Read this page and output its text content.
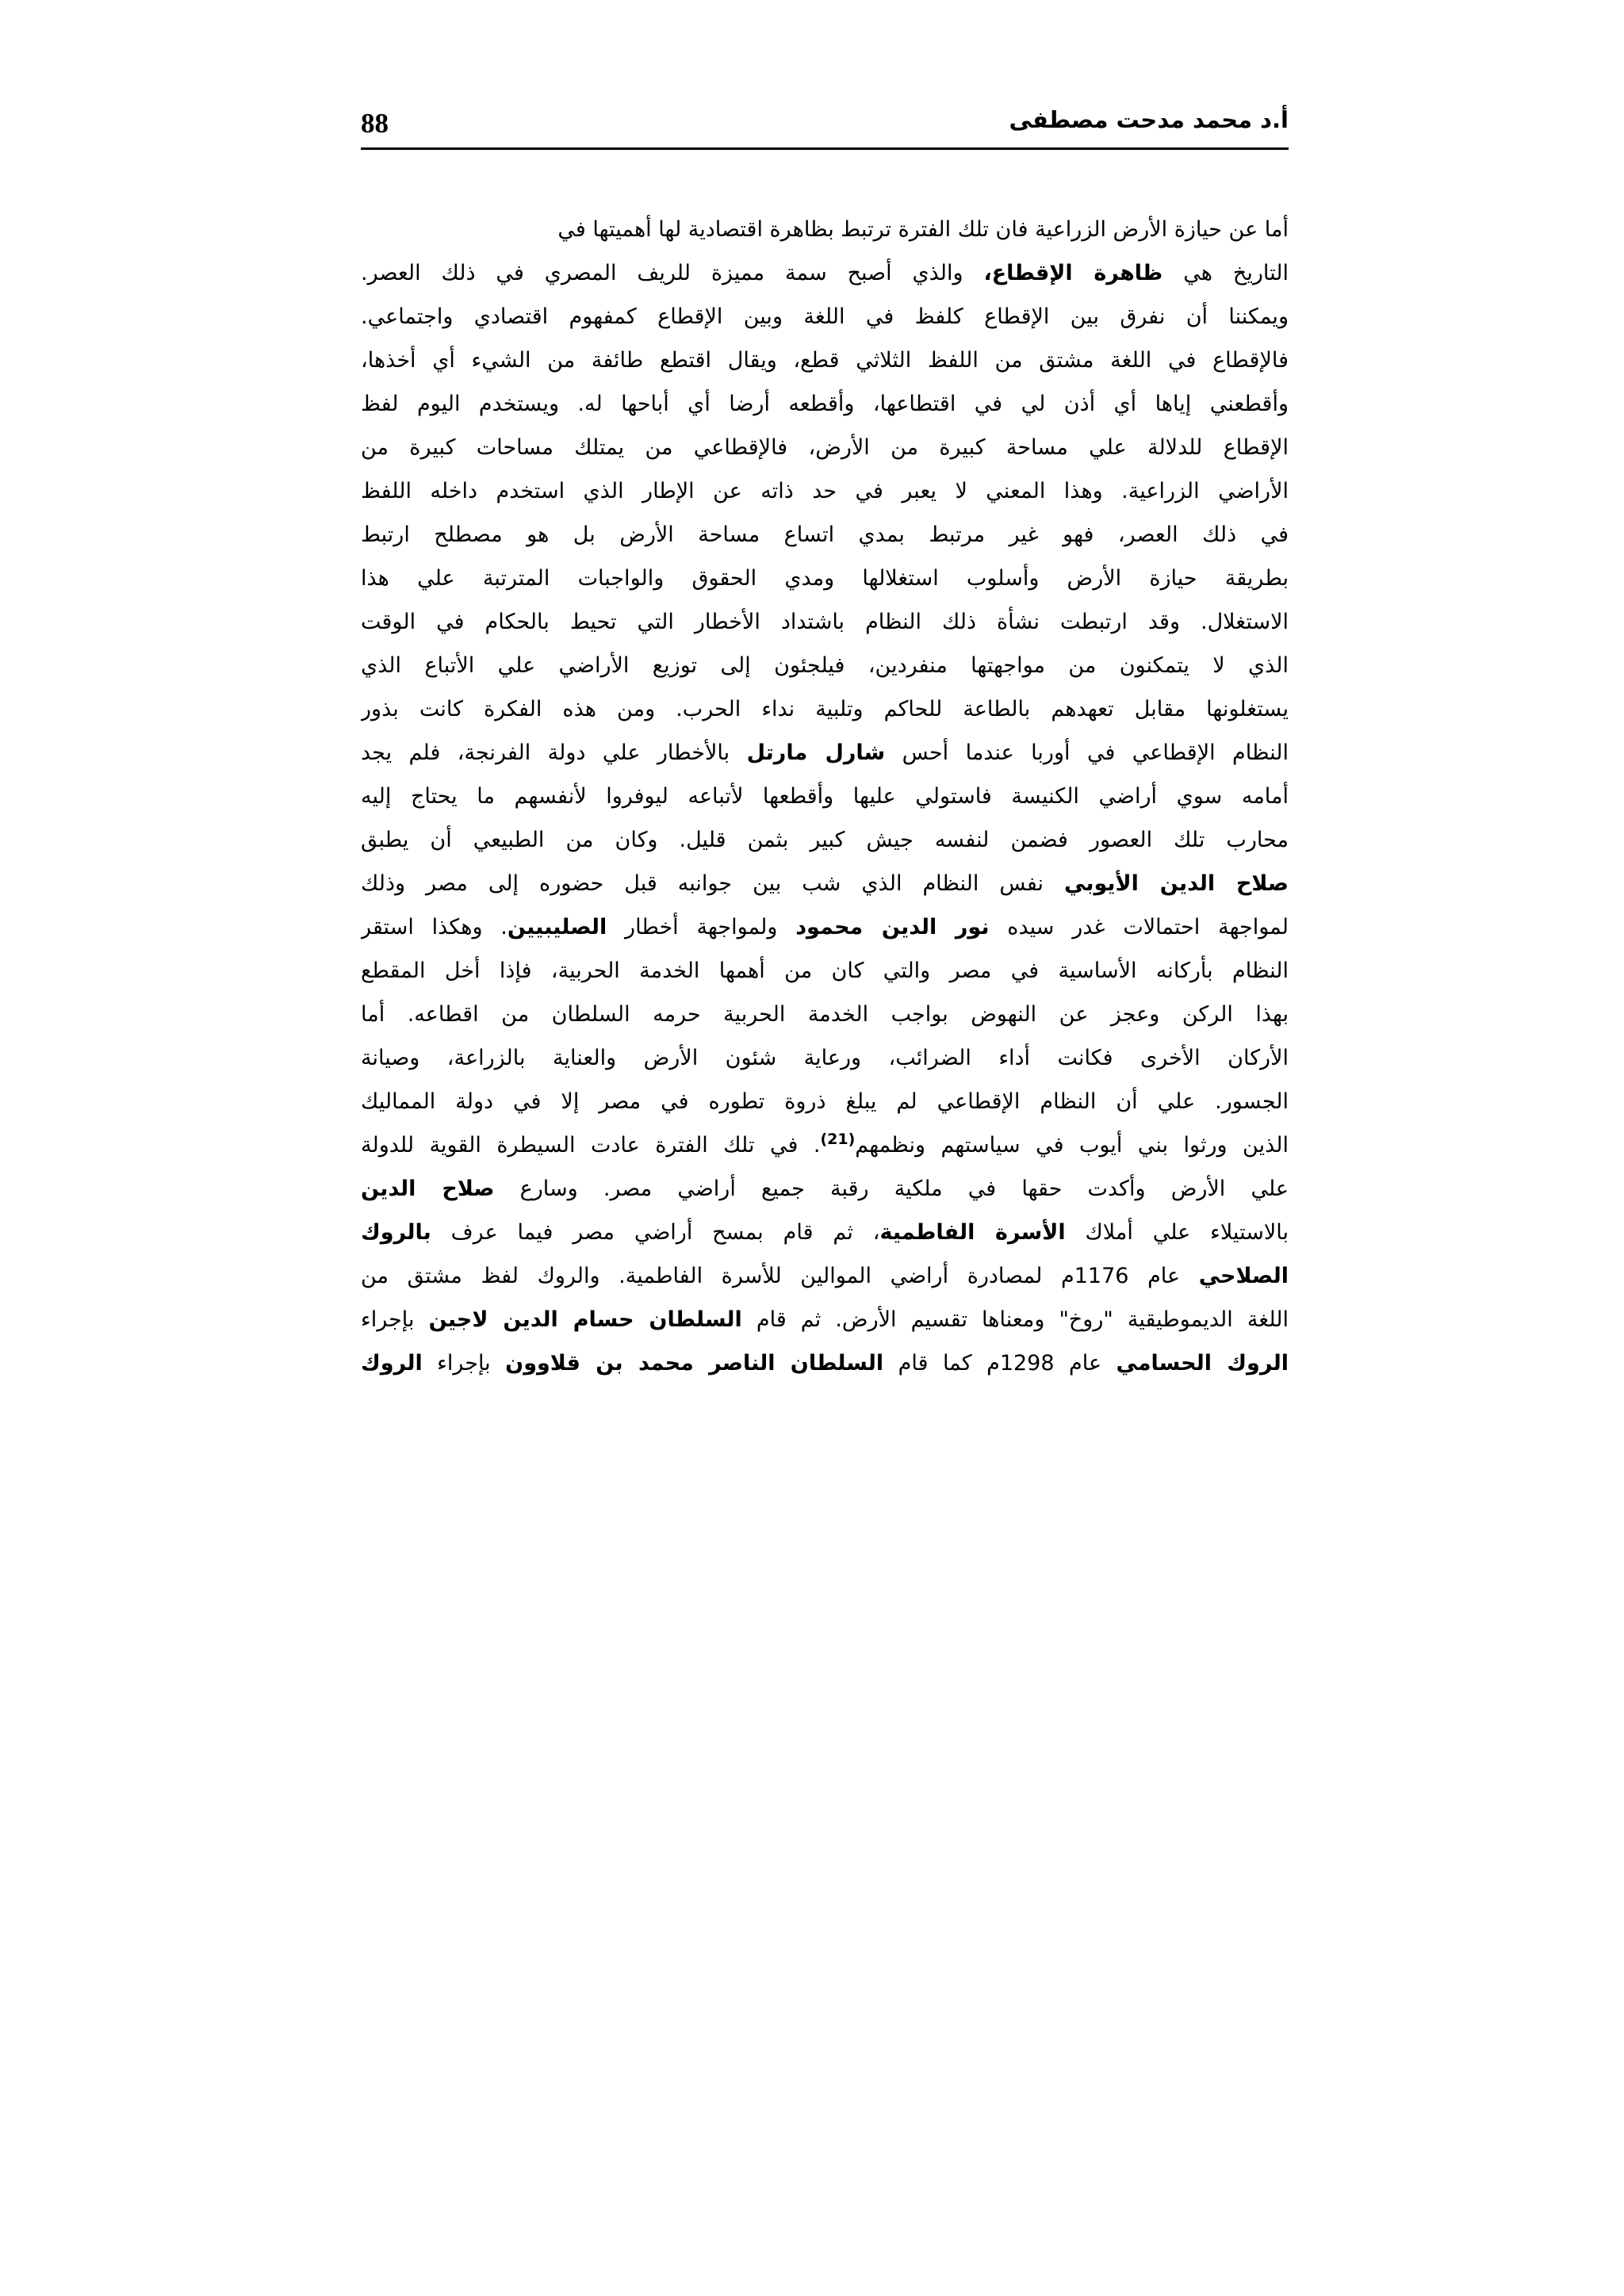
88	أ.د محمد مدحت مصطفى
أما عن حيازة الأرض الزراعية فان تلك الفترة ترتبط بظاهرة اقتصادية لها أهميتها في
التاريخ هي ظاهرة الإقطاع، والذي أصبح سمة مميزة للريف المصري في ذلك العصر.
ويمكننا أن نفرق بين الإقطاع كلفظ في اللغة وبين الإقطاع كمفهوم اقتصادي واجتماعي.
فالإقطاع في اللغة مشتق من اللفظ الثلاثي قطع، ويقال اقتطع طائفة من الشيء أي أخذها،
وأقطعني إياها أي أذن لي في اقتطاعها، وأقطعه أرضا أي أباحها له. ويستخدم اليوم لفظ
الإقطاع للدلالة علي مساحة كبيرة من الأرض، فالإقطاعي من يمتلك مساحات كبيرة من
الأراضي الزراعية. وهذا المعني لا يعبر في حد ذاته عن الإطار الذي استخدم داخله اللفظ
في ذلك العصر، فهو غير مرتبط بمدي اتساع مساحة الأرض بل هو مصطلح ارتبط
بطريقة حيازة الأرض وأسلوب استغلالها ومدي الحقوق والواجبات المترتبة علي هذا
الاستغلال. وقد ارتبطت نشأة ذلك النظام باشتداد الأخطار التي تحيط بالحكام في الوقت
الذي لا يتمكنون من مواجهتها منفردين، فيلجئون إلى توزيع الأراضي علي الأتباع الذي
يستغلونها مقابل تعهدهم بالطاعة للحاكم وتلبية نداء الحرب. ومن هذه الفكرة كانت بذور
النظام الإقطاعي في أوربا عندما أحس شارل مارتل بالأخطار علي دولة الفرنجة، فلم يجد
أمامه سوي أراضي الكنيسة فاستولي عليها وأقطعها لأتباعه ليوفروا لأنفسهم ما يحتاج إليه
محارب تلك العصور فضمن لنفسه جيش كبير بثمن قليل. وكان من الطبيعي أن يطبق
صلاح الدين الأيوبي نفس النظام الذي شب بين جوانبه قبل حضوره إلى مصر وذلك
لمواجهة احتمالات غدر سيده نور الدين محمود ولمواجهة أخطار الصليبيين. وهكذا استقر
النظام بأركانه الأساسية في مصر والتي كان من أهمها الخدمة الحربية، فإذا أخل المقطع
بهذا الركن وعجز عن النهوض بواجب الخدمة الحربية حرمه السلطان من اقطاعه. أما
الأركان الأخرى فكانت أداء الضرائب، ورعاية شئون الأرض والعناية بالزراعة، وصيانة
الجسور. علي أن النظام الإقطاعي لم يبلغ ذروة تطوره في مصر إلا في دولة المماليك
الذين ورثوا بني أيوب في سياستهم ونظمهم$^{(21)}$. في تلك الفترة عادت السيطرة القوية للدولة
علي الأرض وأكدت حقها في ملكية رقبة جميع أراضي مصر. وسارع صلاح الدين
بالاستيلاء علي أملاك الأسرة الفاطمية، ثم قام بمسح أراضي مصر فيما عرف بالروك
الصلاحي عام 1176م لمصادرة أراضي الموالين للأسرة الفاطمية. والروك لفظ مشتق من
اللغة الديموطيقية "روخ" ومعناها تقسيم الأرض. ثم قام السلطان حسام الدين لاجين بإجراء
الروك الحسامي عام 1298م كما قام السلطان الناصر محمد بن قلاوون بإجراء الروك
